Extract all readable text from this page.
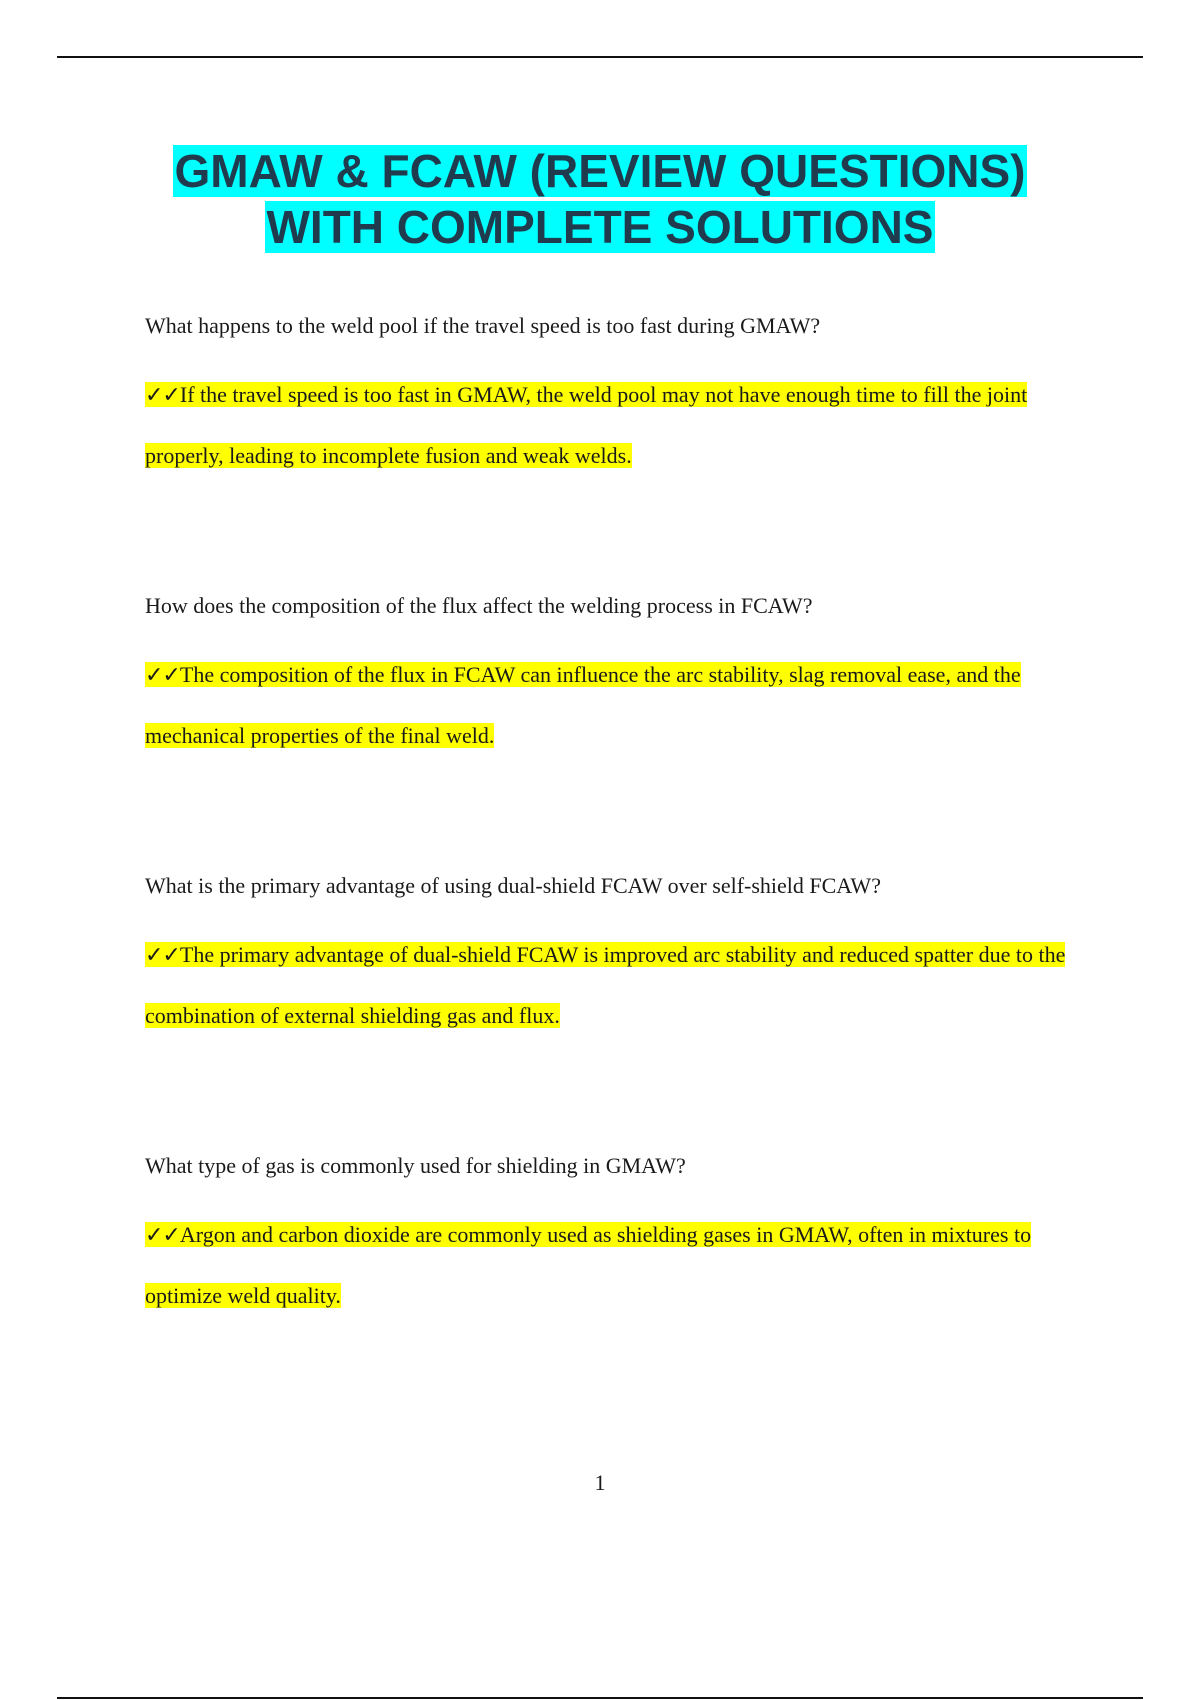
GMAW & FCAW (REVIEW QUESTIONS)
WITH COMPLETE SOLUTIONS

What happens to the weld pool if the travel speed is too fast during GMAW?

✓✓If the travel speed is too fast in GMAW, the weld pool may not have enough time to fill the joint properly, leading to incomplete fusion and weak welds.

How does the composition of the flux affect the welding process in FCAW?

✓✓The composition of the flux in FCAW can influence the arc stability, slag removal ease, and the mechanical properties of the final weld.

What is the primary advantage of using dual-shield FCAW over self-shield FCAW?

✓✓The primary advantage of dual-shield FCAW is improved arc stability and reduced spatter due to the combination of external shielding gas and flux.

What type of gas is commonly used for shielding in GMAW?

✓✓Argon and carbon dioxide are commonly used as shielding gases in GMAW, often in mixtures to optimize weld quality.

1
